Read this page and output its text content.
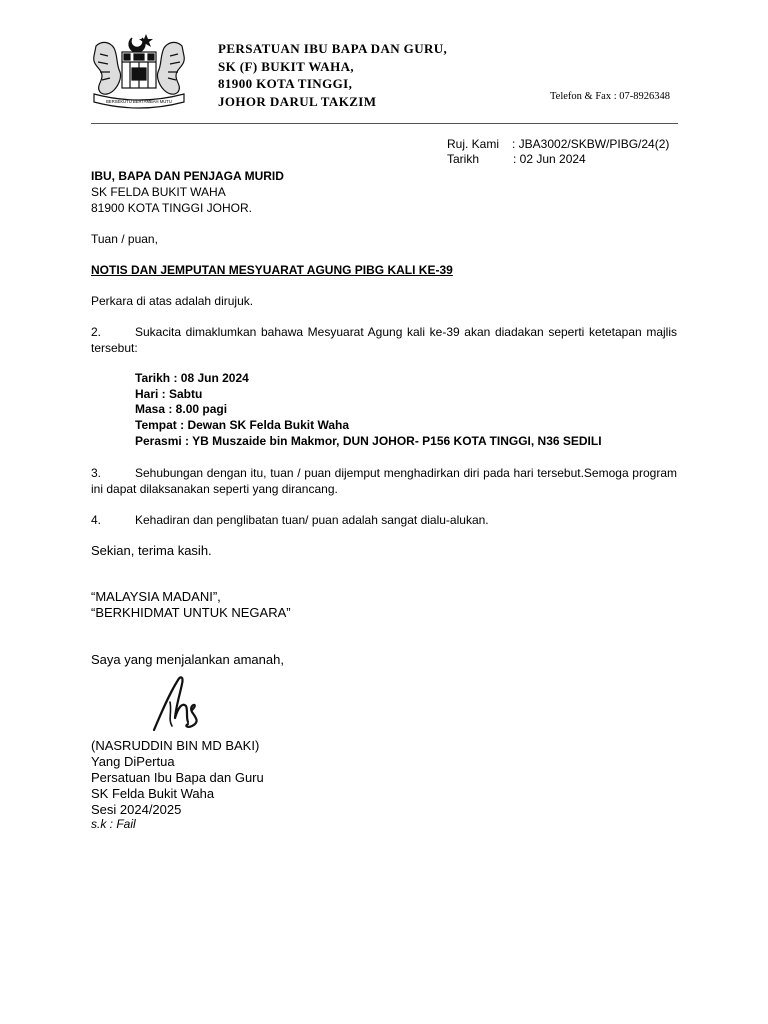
BERSEKUTU BERTAMBAH MUTU
PERSATUAN IBU BAPA DAN GURU,
SK (F) BUKIT WAHA,
81900 KOTA TINGGI,
JOHOR DARUL TAKZIM	Telefon & Fax : 07-8926348
Ruj. Kami : JBA3002/SKBW/PIBG/24(2)
Tarikh	: 02 Jun 2024
IBU, BAPA DAN PENJAGA MURID
SK FELDA BUKIT WAHA
81900 KOTA TINGGI JOHOR.
Tuan / puan,
NOTIS DAN JEMPUTAN MESYUARAT AGUNG PIBG KALI KE-39
Perkara di atas adalah dirujuk.
2.	Sukacita dimaklumkan bahawa Mesyuarat Agung kali ke-39 akan diadakan seperti ketetapan majlis tersebut:
Tarikh : 08 Jun 2024
Hari : Sabtu
Masa : 8.00 pagi
Tempat : Dewan SK Felda Bukit Waha
Perasmi : YB Muszaide bin Makmor, DUN JOHOR- P156 KOTA TINGGI, N36 SEDILI
3.	Sehubungan dengan itu, tuan / puan dijemput menghadirkan diri pada hari tersebut.Semoga program ini dapat dilaksanakan seperti yang dirancang.
4.	Kehadiran dan penglibatan tuan/ puan adalah sangat dialu-alukan.
Sekian, terima kasih.
“MALAYSIA MADANI”,
“BERKHIDMAT UNTUK NEGARA”
Saya yang menjalankan amanah,
(NASRUDDIN BIN MD BAKI)
Yang DiPertua
Persatuan Ibu Bapa dan Guru
SK Felda Bukit Waha
Sesi 2024/2025
s.k : Fail
